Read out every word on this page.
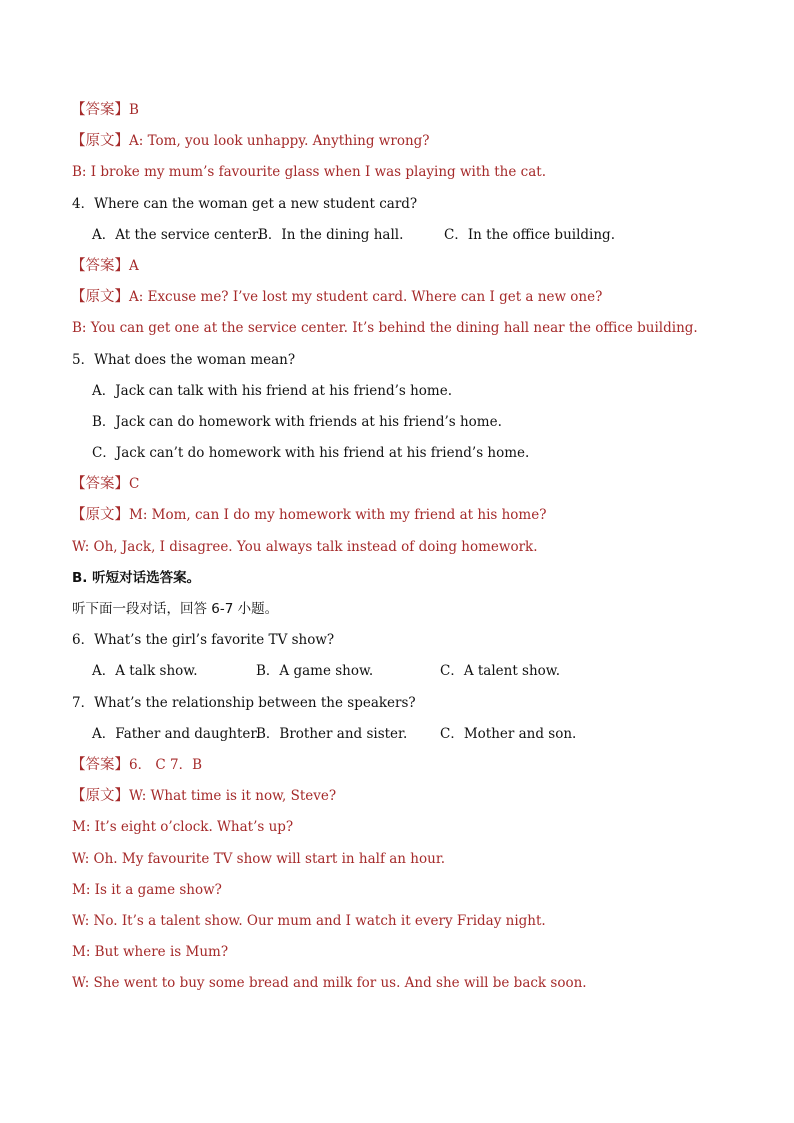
【答案】B
【原文】A: Tom, you look unhappy. Anything wrong?
B: I broke my mum’s favourite glass when I was playing with the cat.
4．Where can the woman get a new student card?
A．At the service center.B．In the dining hall.	C．In the office building.
【答案】A
【原文】A: Excuse me? I’ve lost my student card. Where can I get a new one?
B: You can get one at the service center. It’s behind the dining hall near the office building.
5．What does the woman mean?
A．Jack can talk with his friend at his friend’s home.
B．Jack can do homework with friends at his friend’s home.
C．Jack can’t do homework with his friend at his friend’s home.
【答案】C
【原文】M: Mom, can I do my homework with my friend at his home?
W: Oh, Jack, I disagree. You always talk instead of doing homework.
B. 听短对话选答案。
听下面一段对话，回答 6-7 小题。
6．What’s the girl’s favorite TV show?
A．A talk show.	B．A game show.	C．A talent show.
7．What’s the relationship between the speakers?
A．Father and daughter.B．Brother and sister. C．Mother and son.
【答案】6． C 7．B
【原文】W: What time is it now, Steve?
M: It’s eight o’clock. What’s up?
W: Oh. My favourite TV show will start in half an hour.
M: Is it a game show?
W: No. It’s a talent show. Our mum and I watch it every Friday night.
M: But where is Mum?
W: She went to buy some bread and milk for us. And she will be back soon.
